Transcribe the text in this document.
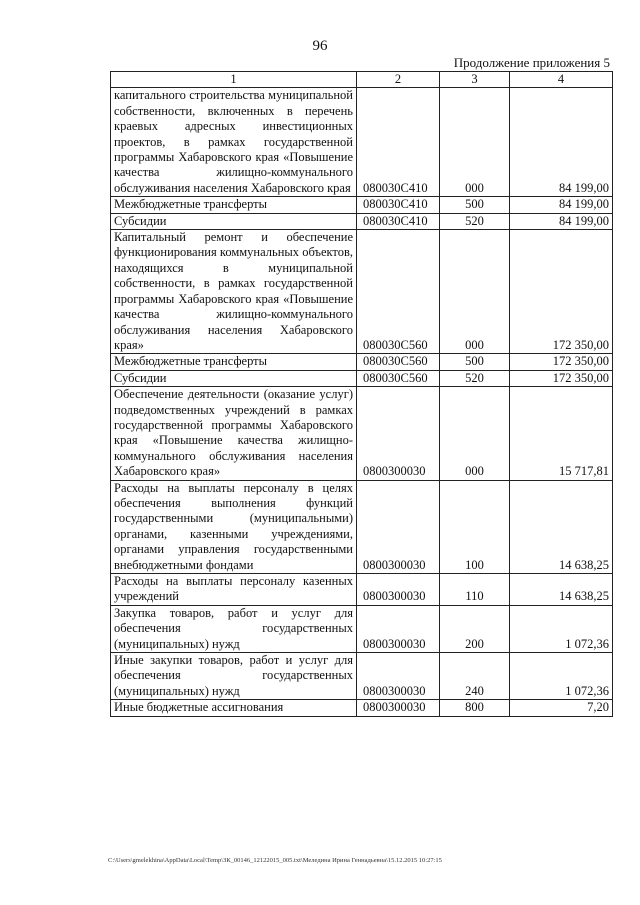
96
Продолжение приложения 5
1	2	3	4
капитального строительства муниципальной собственности, включенных в перечень краевых адресных инвестиционных проектов, в рамках государственной программы Хабаровского края «Повышение качества жилищно-коммунального обслуживания населения Хабаровского края	080030С410	000	84 199,00
Межбюджетные трансферты	080030С410	500	84 199,00
Субсидии	080030С410	520	84 199,00
Капитальный ремонт и обеспечение функционирования коммунальных объектов, находящихся в муниципальной собственности, в рамках государственной программы Хабаровского края «Повышение качества жилищно-коммунального обслуживания населения Хабаровского края»	080030С560	000	172 350,00
Межбюджетные трансферты	080030С560	500	172 350,00
Субсидии	080030С560	520	172 350,00
Обеспечение деятельности (оказание услуг) подведомственных учреждений в рамках государственной программы Хабаровского края «Повышение качества жилищно-коммунального обслуживания населения Хабаровского края»	0800300030	000	15 717,81
Расходы на выплаты персоналу в целях обеспечения выполнения функций государственными (муниципальными) органами, казенными учреждениями, органами управления государственными внебюджетными фондами	0800300030	100	14 638,25
Расходы на выплаты персоналу казенных учреждений	0800300030	110	14 638,25
Закупка товаров, работ и услуг для обеспечения государственных (муниципальных) нужд	0800300030	200	1 072,36
Иные закупки товаров, работ и услуг для обеспечения государственных (муниципальных) нужд	0800300030	240	1 072,36
Иные бюджетные ассигнования	0800300030	800	7,20
C:\Users\gmelekhina\AppData\Local\Temp\ЗК_00146_12122015_005.txt\Меледина Ирина Геннадьевна\15.12.2015 10:27:15
